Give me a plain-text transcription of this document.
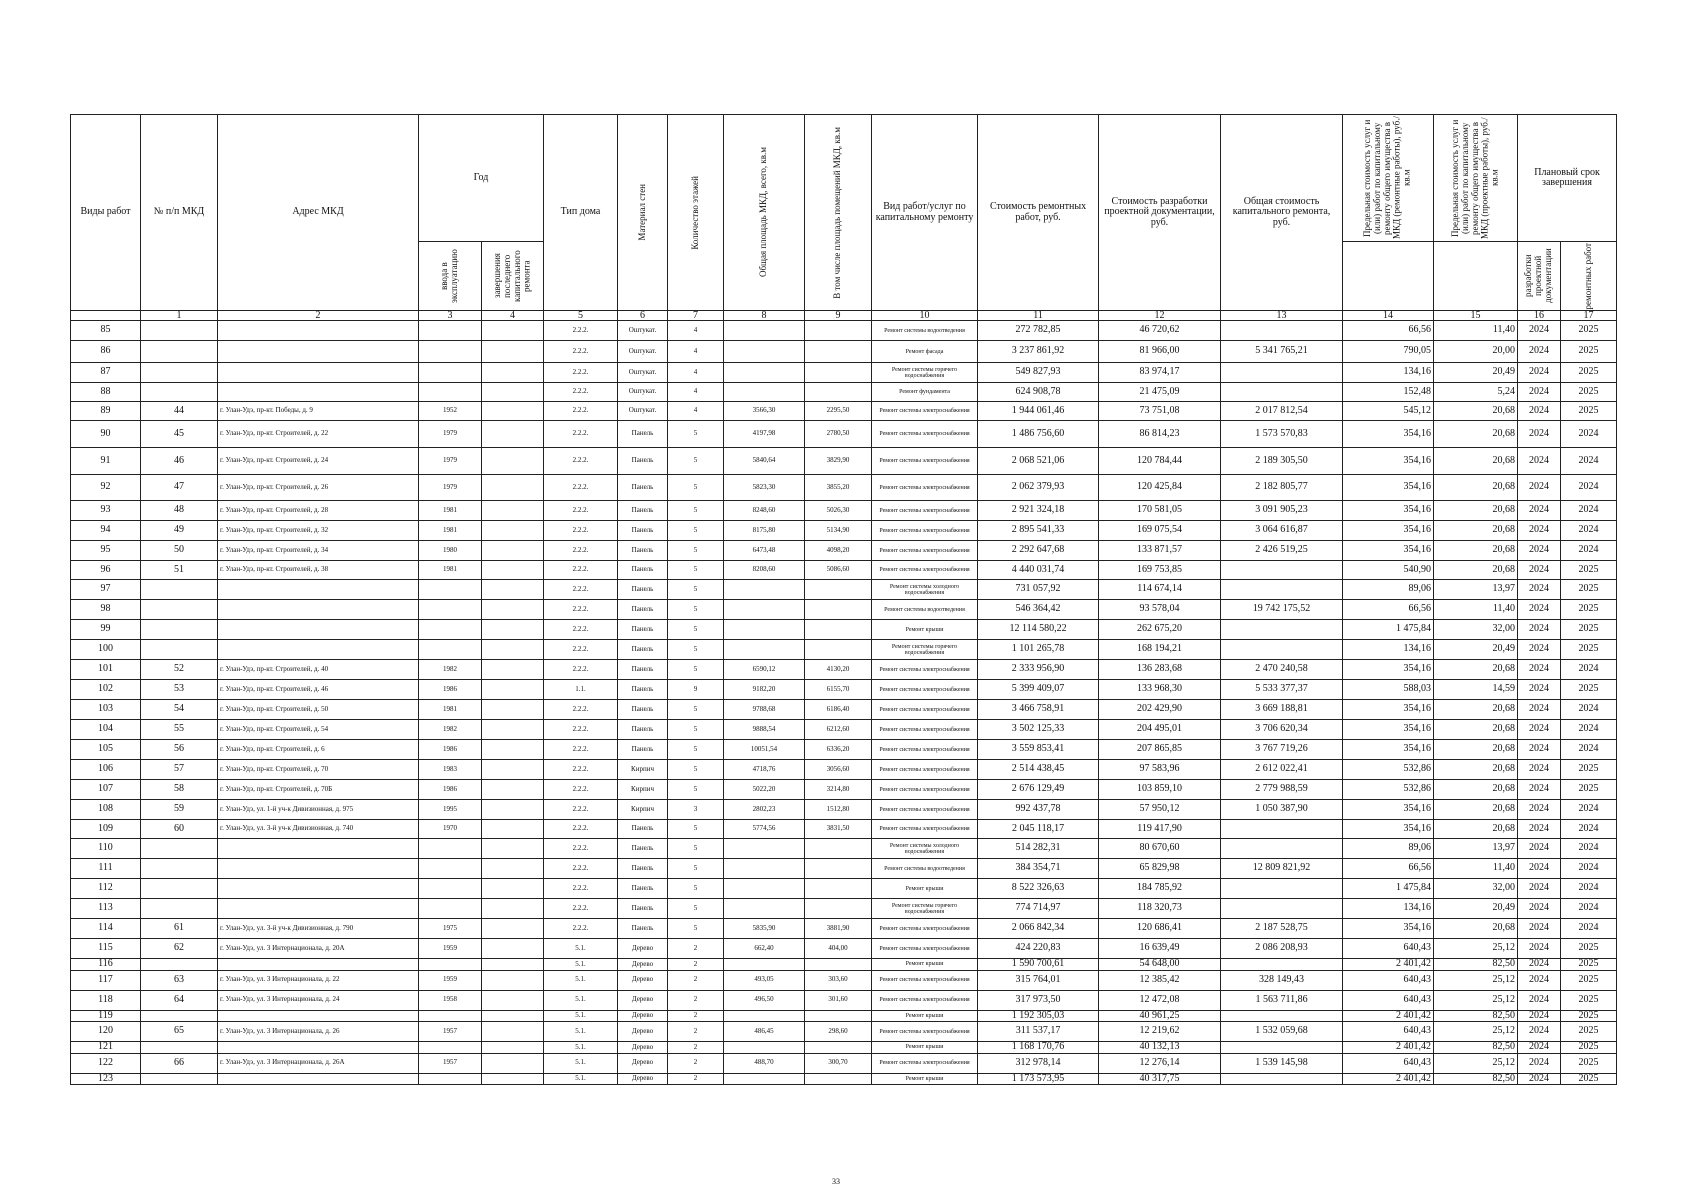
Виды работ	№ п/п МКД	Адрес МКД	Год		Тип дома	Материал стен	Количество этажей	Общая площадь МКД, всего, кв.м	В том числе площадь помещений МКД, кв.м	Вид работ/услуг по капитальному ремонту	Стоимость ремонтных работ, руб.	Стоимость разработки проектной документации, руб.	Общая стоимость капитального ремонта, руб.	Предельная стоимость услуг и (или) работ по капитальному ремонту общего имущества в МКД (ремонтные работы), руб./кв.м	Предельная стоимость услуг и (или) работ по капитальному ремонту общего имущества в МКД (проектные работы), руб./кв.м	Плановый срок завершения	

			ввода в эксплуатацию	завершения последнего капитального ремонта												разработки проектной документации	ремонтных работ

	1	2	3	4	5	6	7	8	9	10	11	12	13	14	15	16	17
85					2.2.2.	Оштукат.	4			Ремонт системы водоотведения	272 782,85	46 720,62		66,56	11,40	2024	2025
86					2.2.2.	Оштукат.	4			Ремонт фасада	3 237 861,92	81 966,00	5 341 765,21	790,05	20,00	2024	2025
87					2.2.2.	Оштукат.	4			Ремонт системы горячего водоснабжения	549 827,93	83 974,17		134,16	20,49	2024	2025
88					2.2.2.	Оштукат.	4			Ремонт фундамента	624 908,78	21 475,09		152,48	5,24	2024	2025
89	44	г. Улан-Удэ, пр-кт. Победы, д. 9	1952		2.2.2.	Оштукат.	4	3566,30	2295,50	Ремонт системы электроснабжения	1 944 061,46	73 751,08	2 017 812,54	545,12	20,68	2024	2025
90	45	г. Улан-Удэ, пр-кт. Строителей, д. 22	1979		2.2.2.	Панель	5	4197,98	2780,50	Ремонт системы электроснабжения	1 486 756,60	86 814,23	1 573 570,83	354,16	20,68	2024	2024
91	46	г. Улан-Удэ, пр-кт. Строителей, д. 24	1979		2.2.2.	Панель	5	5840,64	3829,90	Ремонт системы электроснабжения	2 068 521,06	120 784,44	2 189 305,50	354,16	20,68	2024	2024
92	47	г. Улан-Удэ, пр-кт. Строителей, д. 26	1979		2.2.2.	Панель	5	5823,30	3855,20	Ремонт системы электроснабжения	2 062 379,93	120 425,84	2 182 805,77	354,16	20,68	2024	2024
93	48	г. Улан-Удэ, пр-кт. Строителей, д. 28	1981		2.2.2.	Панель	5	8248,60	5026,30	Ремонт системы электроснабжения	2 921 324,18	170 581,05	3 091 905,23	354,16	20,68	2024	2024
94	49	г. Улан-Удэ, пр-кт. Строителей, д. 32	1981		2.2.2.	Панель	5	8175,80	5134,90	Ремонт системы электроснабжения	2 895 541,33	169 075,54	3 064 616,87	354,16	20,68	2024	2024
95	50	г. Улан-Удэ, пр-кт. Строителей, д. 34	1980		2.2.2.	Панель	5	6473,48	4098,20	Ремонт системы электроснабжения	2 292 647,68	133 871,57	2 426 519,25	354,16	20,68	2024	2024
96	51	г. Улан-Удэ, пр-кт. Строителей, д. 38	1981		2.2.2.	Панель	5	8208,60	5086,60	Ремонт системы электроснабжения	4 440 031,74	169 753,85		540,90	20,68	2024	2025
97					2.2.2.	Панель	5			Ремонт системы холодного водоснабжения	731 057,92	114 674,14		89,06	13,97	2024	2025
98					2.2.2.	Панель	5			Ремонт системы водоотведения	546 364,42	93 578,04	19 742 175,52	66,56	11,40	2024	2025
99					2.2.2.	Панель	5			Ремонт крыши	12 114 580,22	262 675,20		1 475,84	32,00	2024	2025
100					2.2.2.	Панель	5			Ремонт системы горячего водоснабжения	1 101 265,78	168 194,21		134,16	20,49	2024	2025
101	52	г. Улан-Удэ, пр-кт. Строителей, д. 40	1982		2.2.2.	Панель	5	6590,12	4130,20	Ремонт системы электроснабжения	2 333 956,90	136 283,68	2 470 240,58	354,16	20,68	2024	2024
102	53	г. Улан-Удэ, пр-кт. Строителей, д. 46	1986		1.1.	Панель	9	9182,20	6155,70	Ремонт системы электроснабжения	5 399 409,07	133 968,30	5 533 377,37	588,03	14,59	2024	2025
103	54	г. Улан-Удэ, пр-кт. Строителей, д. 50	1981		2.2.2.	Панель	5	9788,68	6186,40	Ремонт системы электроснабжения	3 466 758,91	202 429,90	3 669 188,81	354,16	20,68	2024	2024
104	55	г. Улан-Удэ, пр-кт. Строителей, д. 54	1982		2.2.2.	Панель	5	9888,54	6212,60	Ремонт системы электроснабжения	3 502 125,33	204 495,01	3 706 620,34	354,16	20,68	2024	2024
105	56	г. Улан-Удэ, пр-кт. Строителей, д. 6	1986		2.2.2.	Панель	5	10051,54	6336,20	Ремонт системы электроснабжения	3 559 853,41	207 865,85	3 767 719,26	354,16	20,68	2024	2024
106	57	г. Улан-Удэ, пр-кт. Строителей, д. 70	1983		2.2.2.	Кирпич	5	4718,76	3056,60	Ремонт системы электроснабжения	2 514 438,45	97 583,96	2 612 022,41	532,86	20,68	2024	2025
107	58	г. Улан-Удэ, пр-кт. Строителей, д. 70Б	1986		2.2.2.	Кирпич	5	5022,20	3214,80	Ремонт системы электроснабжения	2 676 129,49	103 859,10	2 779 988,59	532,86	20,68	2024	2025
108	59	г. Улан-Удэ, ул. 1-й уч-к Дивизионная, д. 975	1995		2.2.2.	Кирпич	3	2802,23	1512,80	Ремонт системы электроснабжения	992 437,78	57 950,12	1 050 387,90	354,16	20,68	2024	2024
109	60	г. Улан-Удэ, ул. 3-й уч-к Дивизионная, д. 740	1970		2.2.2.	Панель	5	5774,56	3831,50	Ремонт системы электроснабжения	2 045 118,17	119 417,90		354,16	20,68	2024	2024
110					2.2.2.	Панель	5			Ремонт системы холодного водоснабжения	514 282,31	80 670,60		89,06	13,97	2024	2024
111					2.2.2.	Панель	5			Ремонт системы водоотведения	384 354,71	65 829,98	12 809 821,92	66,56	11,40	2024	2024
112					2.2.2.	Панель	5			Ремонт крыши	8 522 326,63	184 785,92		1 475,84	32,00	2024	2024
113					2.2.2.	Панель	5			Ремонт системы горячего водоснабжения	774 714,97	118 320,73		134,16	20,49	2024	2024
114	61	г. Улан-Удэ, ул. 3-й уч-к Дивизионная, д. 790	1975		2.2.2.	Панель	5	5835,90	3881,90	Ремонт системы электроснабжения	2 066 842,34	120 686,41	2 187 528,75	354,16	20,68	2024	2024
115	62	г. Улан-Удэ, ул. 3 Интернационала, д. 20А	1959		5.1.	Дерево	2	662,40	404,00	Ремонт системы электроснабжения	424 220,83	16 639,49	2 086 208,93	640,43	25,12	2024	2025
116					5.1.	Дерево	2			Ремонт крыши	1 590 700,61	54 648,00		2 401,42	82,50	2024	2025
117	63	г. Улан-Удэ, ул. 3 Интернационала, д. 22	1959		5.1.	Дерево	2	493,05	303,60	Ремонт системы электроснабжения	315 764,01	12 385,42	328 149,43	640,43	25,12	2024	2025
118	64	г. Улан-Удэ, ул. 3 Интернационала, д. 24	1958		5.1.	Дерево	2	496,50	301,60	Ремонт системы электроснабжения	317 973,50	12 472,08	1 563 711,86	640,43	25,12	2024	2025
119					5.1.	Дерево	2			Ремонт крыши	1 192 305,03	40 961,25		2 401,42	82,50	2024	2025
120	65	г. Улан-Удэ, ул. 3 Интернационала, д. 26	1957		5.1.	Дерево	2	486,45	298,60	Ремонт системы электроснабжения	311 537,17	12 219,62	1 532 059,68	640,43	25,12	2024	2025
121					5.1.	Дерево	2			Ремонт крыши	1 168 170,76	40 132,13		2 401,42	82,50	2024	2025
122	66	г. Улан-Удэ, ул. 3 Интернационала, д. 26А	1957		5.1.	Дерево	2	488,70	300,70	Ремонт системы электроснабжения	312 978,14	12 276,14	1 539 145,98	640,43	25,12	2024	2025
123					5.1.	Дерево	2			Ремонт крыши	1 173 573,95	40 317,75		2 401,42	82,50	2024	2025
33
